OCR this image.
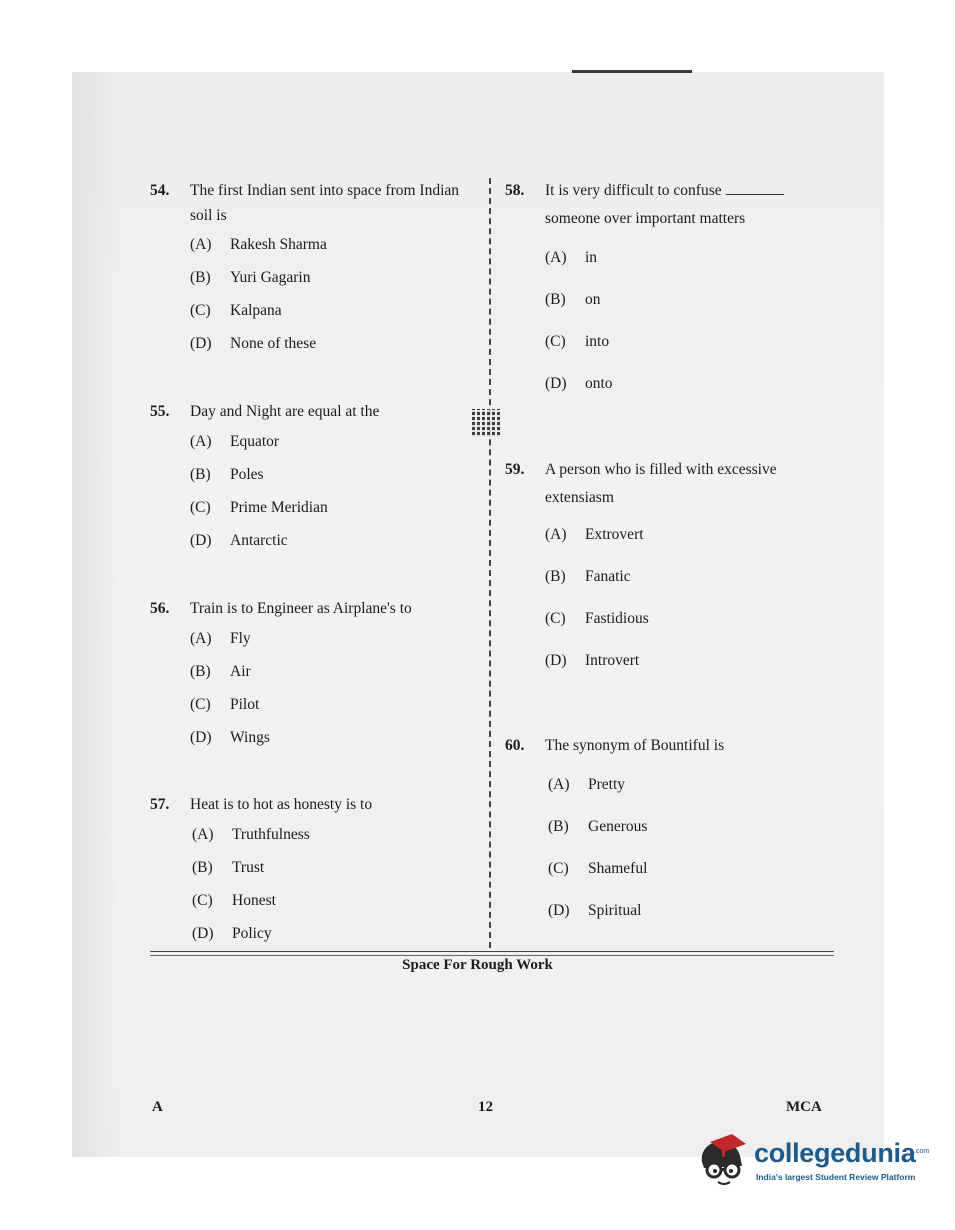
54. The first Indian sent into space from Indian soil is
(A) Rakesh Sharma
(B) Yuri Gagarin
(C) Kalpana
(D) None of these
55. Day and Night are equal at the
(A) Equator
(B) Poles
(C) Prime Meridian
(D) Antarctic
56. Train is to Engineer as Airplane's to
(A) Fly
(B) Air
(C) Pilot
(D) Wings
57. Heat is to hot as honesty is to
(A) Truthfulness
(B) Trust
(C) Honest
(D) Policy
58. It is very difficult to confuse
someone over important matters
(A) in
(B) on
(C) into
(D) onto
59. A person who is filled with excessive extensiasm
(A) Extrovert
(B) Fanatic
(C) Fastidious
(D) Introvert
60. The synonym of Bountiful is
(A) Pretty
(B) Generous
(C) Shameful
(D) Spiritual
Space For Rough Work
A	12	MCA
collegedunia
.com
India's largest Student Review Platform
